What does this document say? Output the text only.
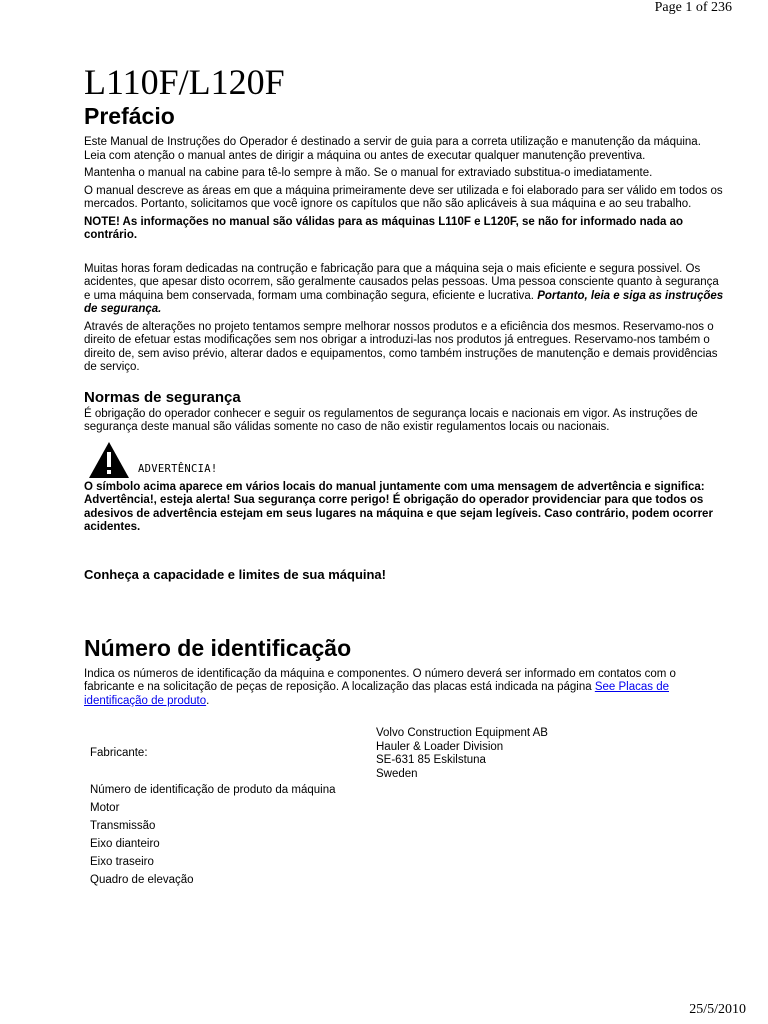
Page 1 of 236
L110F/L120F
Prefácio

Este Manual de Instruções do Operador é destinado a servir de guia para a correta utilização e manutenção da máquina. Leia com atenção o manual antes de dirigir a máquina ou antes de executar qualquer manutenção preventiva.

Mantenha o manual na cabine para tê-lo sempre à mão. Se o manual for extraviado substitua-o imediatamente.

O manual descreve as áreas em que a máquina primeiramente deve ser utilizada e foi elaborado para ser válido em todos os mercados. Portanto, solicitamos que você ignore os capítulos que não são aplicáveis à sua máquina e ao seu trabalho.

NOTE! As informações no manual são válidas para as máquinas L110F e L120F, se não for informado nada ao contrário.

Muitas horas foram dedicadas na contrução e fabricação para que a máquina seja o mais eficiente e segura possivel. Os acidentes, que apesar disto ocorrem, são geralmente causados pelas pessoas. Uma pessoa consciente quanto à segurança e uma máquina bem conservada, formam uma combinação segura, eficiente e lucrativa. Portanto, leia e siga as instruções de segurança.

Através de alterações no projeto tentamos sempre melhorar nossos produtos e a eficiência dos mesmos. Reservamo-nos o direito de efetuar estas modificações sem nos obrigar a introduzi-las nos produtos já entregues. Reservamo-nos também o direito de, sem aviso prévio, alterar dados e equipamentos, como também instruções de manutenção e demais providências de serviço.

Normas de segurança

É obrigação do operador conhecer e seguir os regulamentos de segurança locais e nacionais em vigor. As instruções de segurança deste manual são válidas somente no caso de não existir regulamentos locais ou nacionais.

ADVERTÊNCIA!

O símbolo acima aparece em vários locais do manual juntamente com uma mensagem de advertência e significa:

Advertência!, esteja alerta! Sua segurança corre perigo! É obrigação do operador providenciar para que todos os adesivos de advertência estejam em seus lugares na máquina e que sejam legíveis. Caso contrário, podem ocorrer acidentes.

Conheça a capacidade e limites de sua máquina!
Número de identificação

Indica os números de identificação da máquina e componentes. O número deverá ser informado em contatos com o fabricante e na solicitação de peças de reposição. A localização das placas está indicada na página See Placas de identificação de produto.

Fabricante:	Volvo Construction Equipment AB
Hauler & Loader Division
SE-631 85 Eskilstuna
Sweden

Número de identificação de produto da máquina	
Motor	
Transmissão	
Eixo dianteiro	
Eixo traseiro	
Quadro de elevação	
25/5/2010
